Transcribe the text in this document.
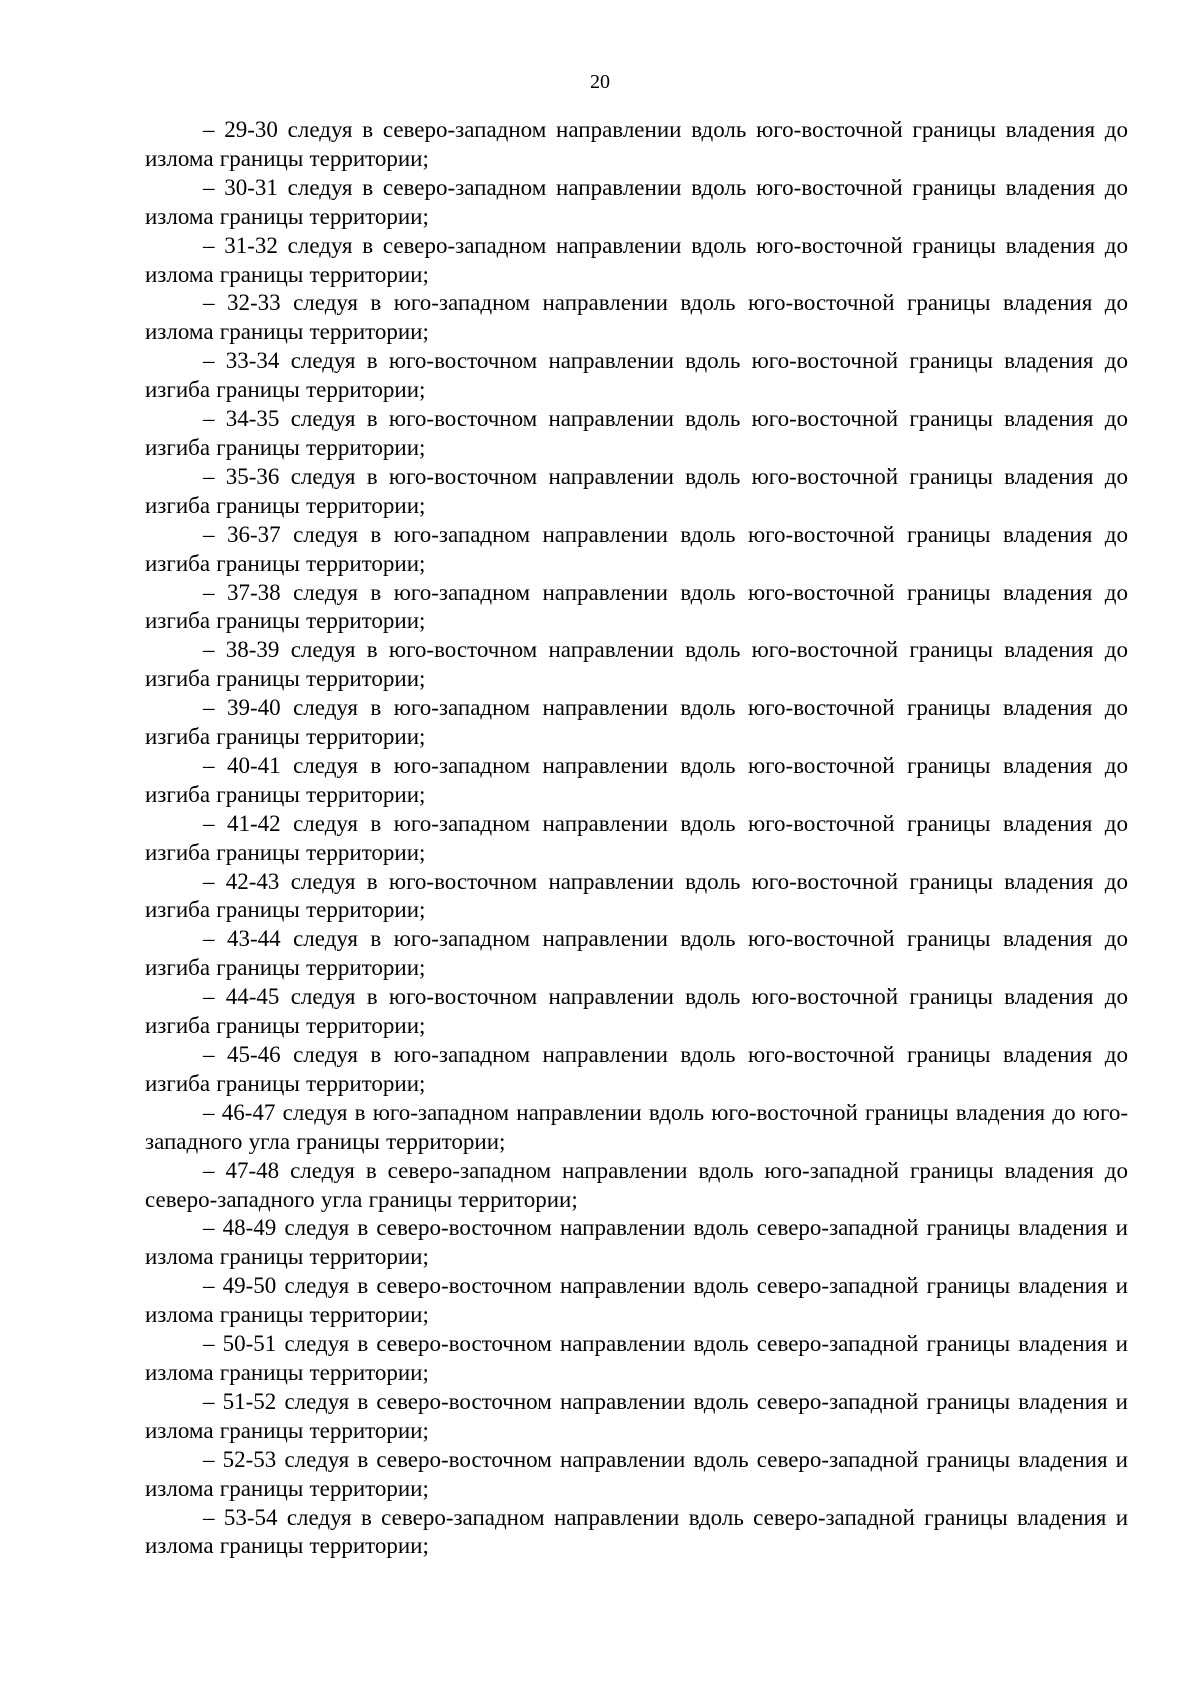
20

– 29-30 следуя в северо-западном направлении вдоль юго-восточной границы владения до излома границы территории;

– 30-31 следуя в северо-западном направлении вдоль юго-восточной границы владения до излома границы территории;

– 31-32 следуя в северо-западном направлении вдоль юго-восточной границы владения до излома границы территории;

– 32-33 следуя в юго-западном направлении вдоль юго-восточной границы владения до излома границы территории;

– 33-34 следуя в юго-восточном направлении вдоль юго-восточной границы владения до изгиба границы территории;

– 34-35 следуя в юго-восточном направлении вдоль юго-восточной границы владения до изгиба границы территории;

– 35-36 следуя в юго-восточном направлении вдоль юго-восточной границы владения до изгиба границы территории;

– 36-37 следуя в юго-западном направлении вдоль юго-восточной границы владения до изгиба границы территории;

– 37-38 следуя в юго-западном направлении вдоль юго-восточной границы владения до изгиба границы территории;

– 38-39 следуя в юго-восточном направлении вдоль юго-восточной границы владения до изгиба границы территории;

– 39-40 следуя в юго-западном направлении вдоль юго-восточной границы владения до изгиба границы территории;

– 40-41 следуя в юго-западном направлении вдоль юго-восточной границы владения до изгиба границы территории;

– 41-42 следуя в юго-западном направлении вдоль юго-восточной границы владения до изгиба границы территории;

– 42-43 следуя в юго-восточном направлении вдоль юго-восточной границы владения до изгиба границы территории;

– 43-44 следуя в юго-западном направлении вдоль юго-восточной границы владения до изгиба границы территории;

– 44-45 следуя в юго-восточном направлении вдоль юго-восточной границы владения до изгиба границы территории;

– 45-46 следуя в юго-западном направлении вдоль юго-восточной границы владения до изгиба границы территории;

– 46-47 следуя в юго-западном направлении вдоль юго-восточной границы владения до юго-западного угла границы территории;

– 47-48 следуя в северо-западном направлении вдоль юго-западной границы владения до северо-западного угла границы территории;

– 48-49 следуя в северо-восточном направлении вдоль северо-западной границы владения и излома границы территории;

– 49-50 следуя в северо-восточном направлении вдоль северо-западной границы владения и излома границы территории;

– 50-51 следуя в северо-восточном направлении вдоль северо-западной границы владения и излома границы территории;

– 51-52 следуя в северо-восточном направлении вдоль северо-западной границы владения и излома границы территории;

– 52-53 следуя в северо-восточном направлении вдоль северо-западной границы владения и излома границы территории;

– 53-54 следуя в северо-западном направлении вдоль северо-западной границы владения и излома границы территории;
